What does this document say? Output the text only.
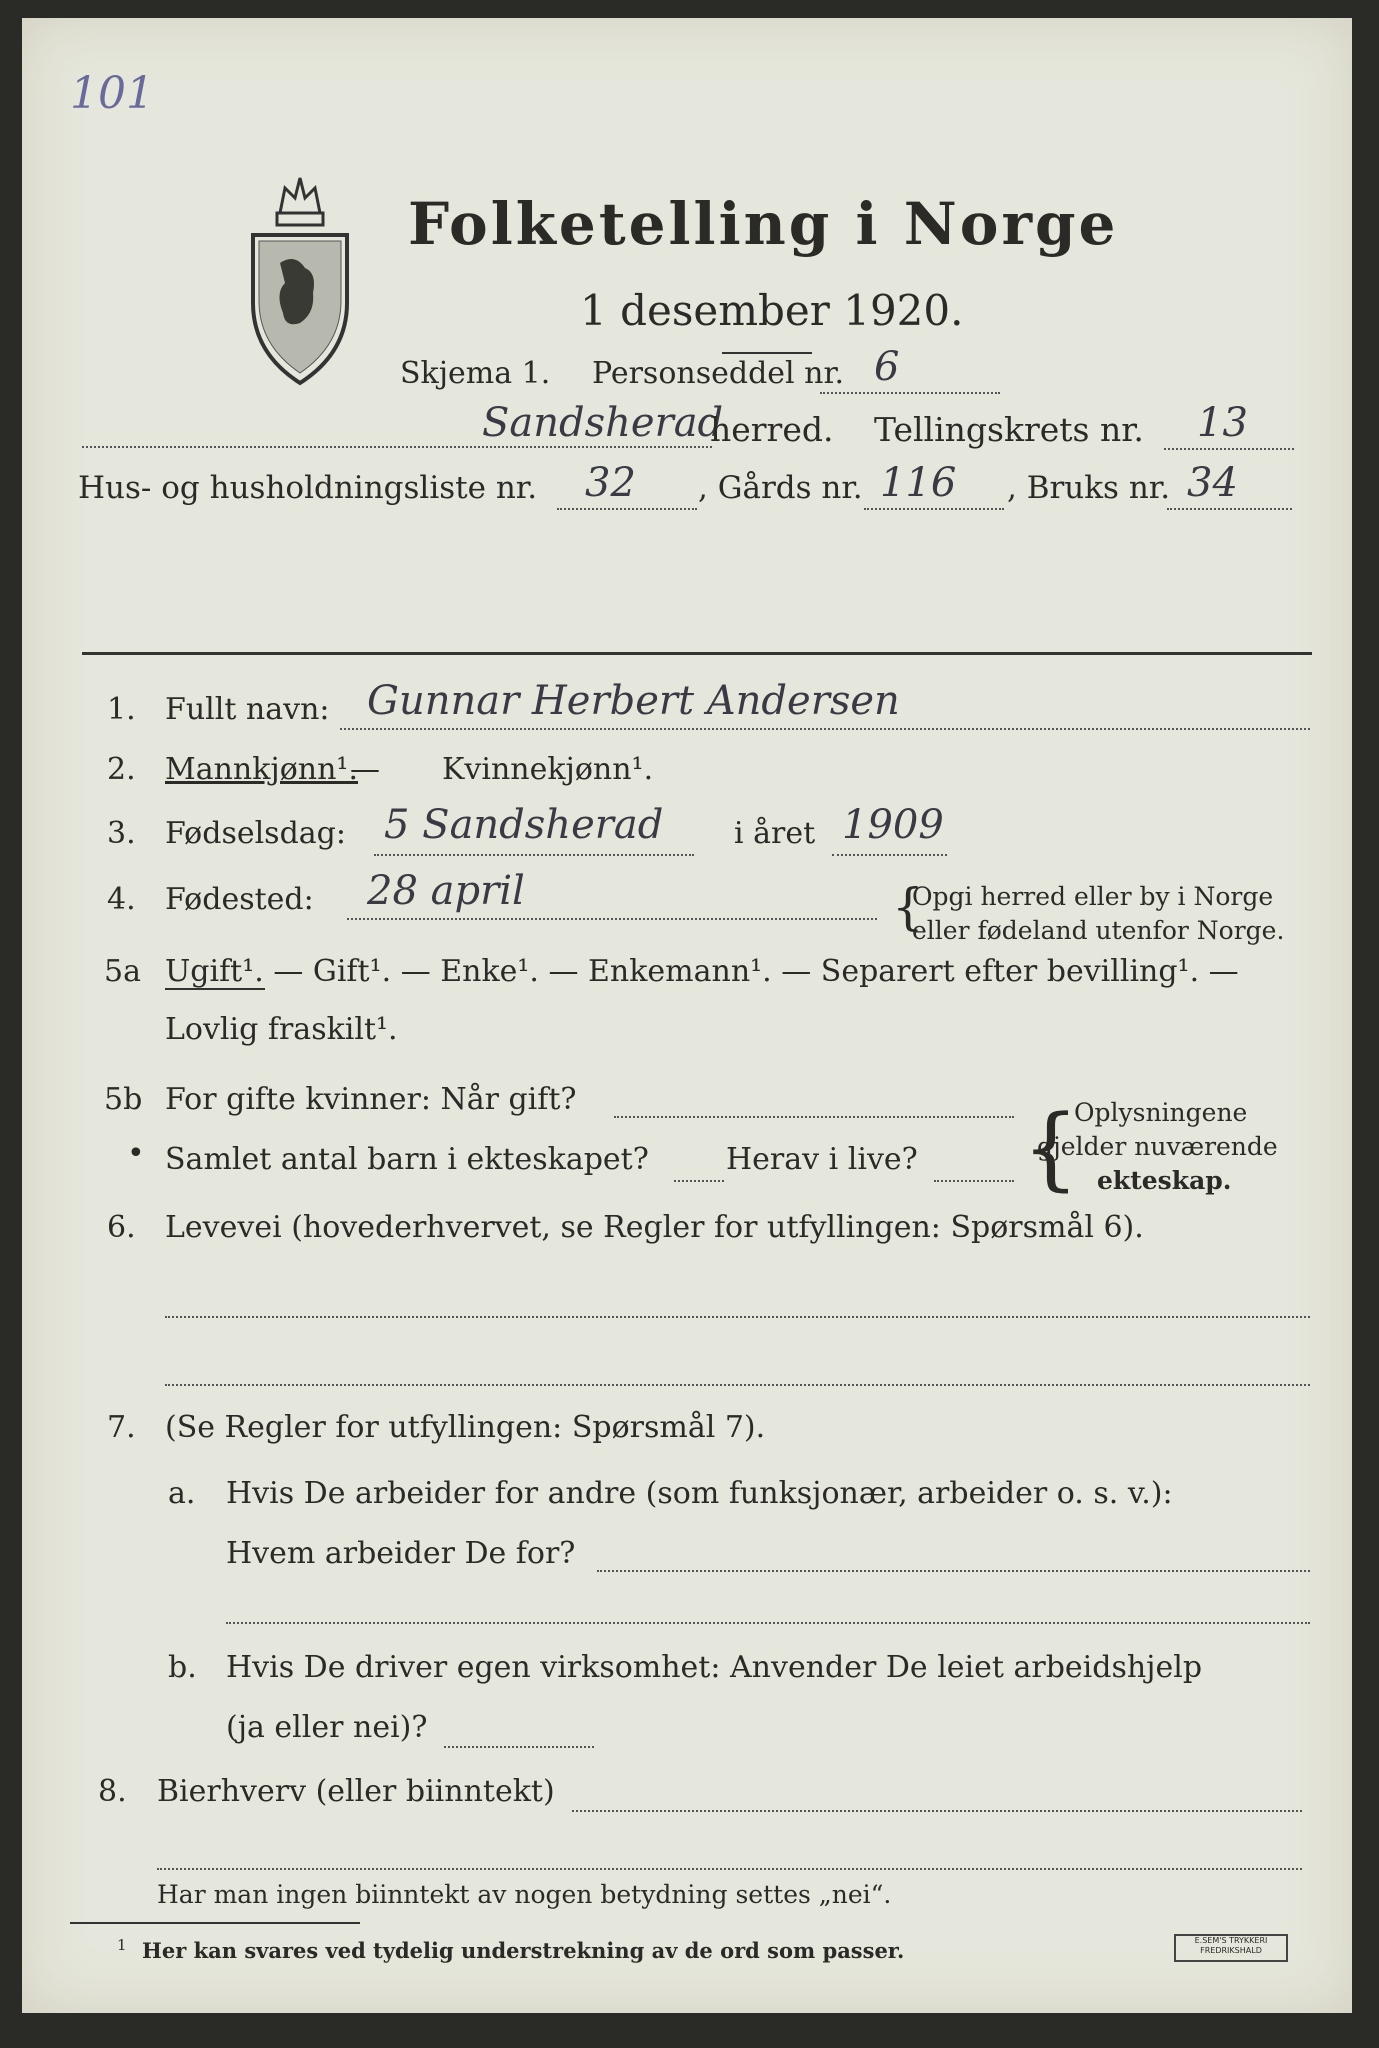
101
Folketelling i Norge
1 desember 1920.
Skjema 1. Personseddel nr. 6
Sandsherad
herred. Tellingskrets nr. 13
Hus- og husholdningsliste nr. 32 , Gårds nr. 116 , Bruks nr. 34
1. Fullt navn: Gunnar Herbert Andersen
2. Mannkjønn¹.
— Kvinnekjønn¹.
3. Fødselsdag: 5 Sandsherad i året 1909
4. Fødested: 28 april	{
Opgi herred eller by i Norge
eller fødeland utenfor Norge.
5a Ugift¹. — Gift¹. — Enke¹. — Enkemann¹. — Separert efter bevilling¹. —
Lovlig fraskilt¹.
5b For gifte kvinner: Når gift?
• Samlet antal barn i ekteskapet?	Herav i live? {
Oplysningene
gjelder nuværende
ekteskap.
6. Levevei (hovederhvervet, se Regler for utfyllingen: Spørsmål 6).
7. (Se Regler for utfyllingen: Spørsmål 7).
a. Hvis De arbeider for andre (som funksjonær, arbeider o. s. v.):
Hvem arbeider De for?
b. Hvis De driver egen virksomhet: Anvender De leiet arbeidshjelp
(ja eller nei)?
8. Bierhverv (eller biinntekt)
Har man ingen biinntekt av nogen betydning settes „nei“.
1 Her kan svares ved tydelig understrekning av de ord som passer.	E.SEM'S TRYKKERI
FREDRIKSHALD
